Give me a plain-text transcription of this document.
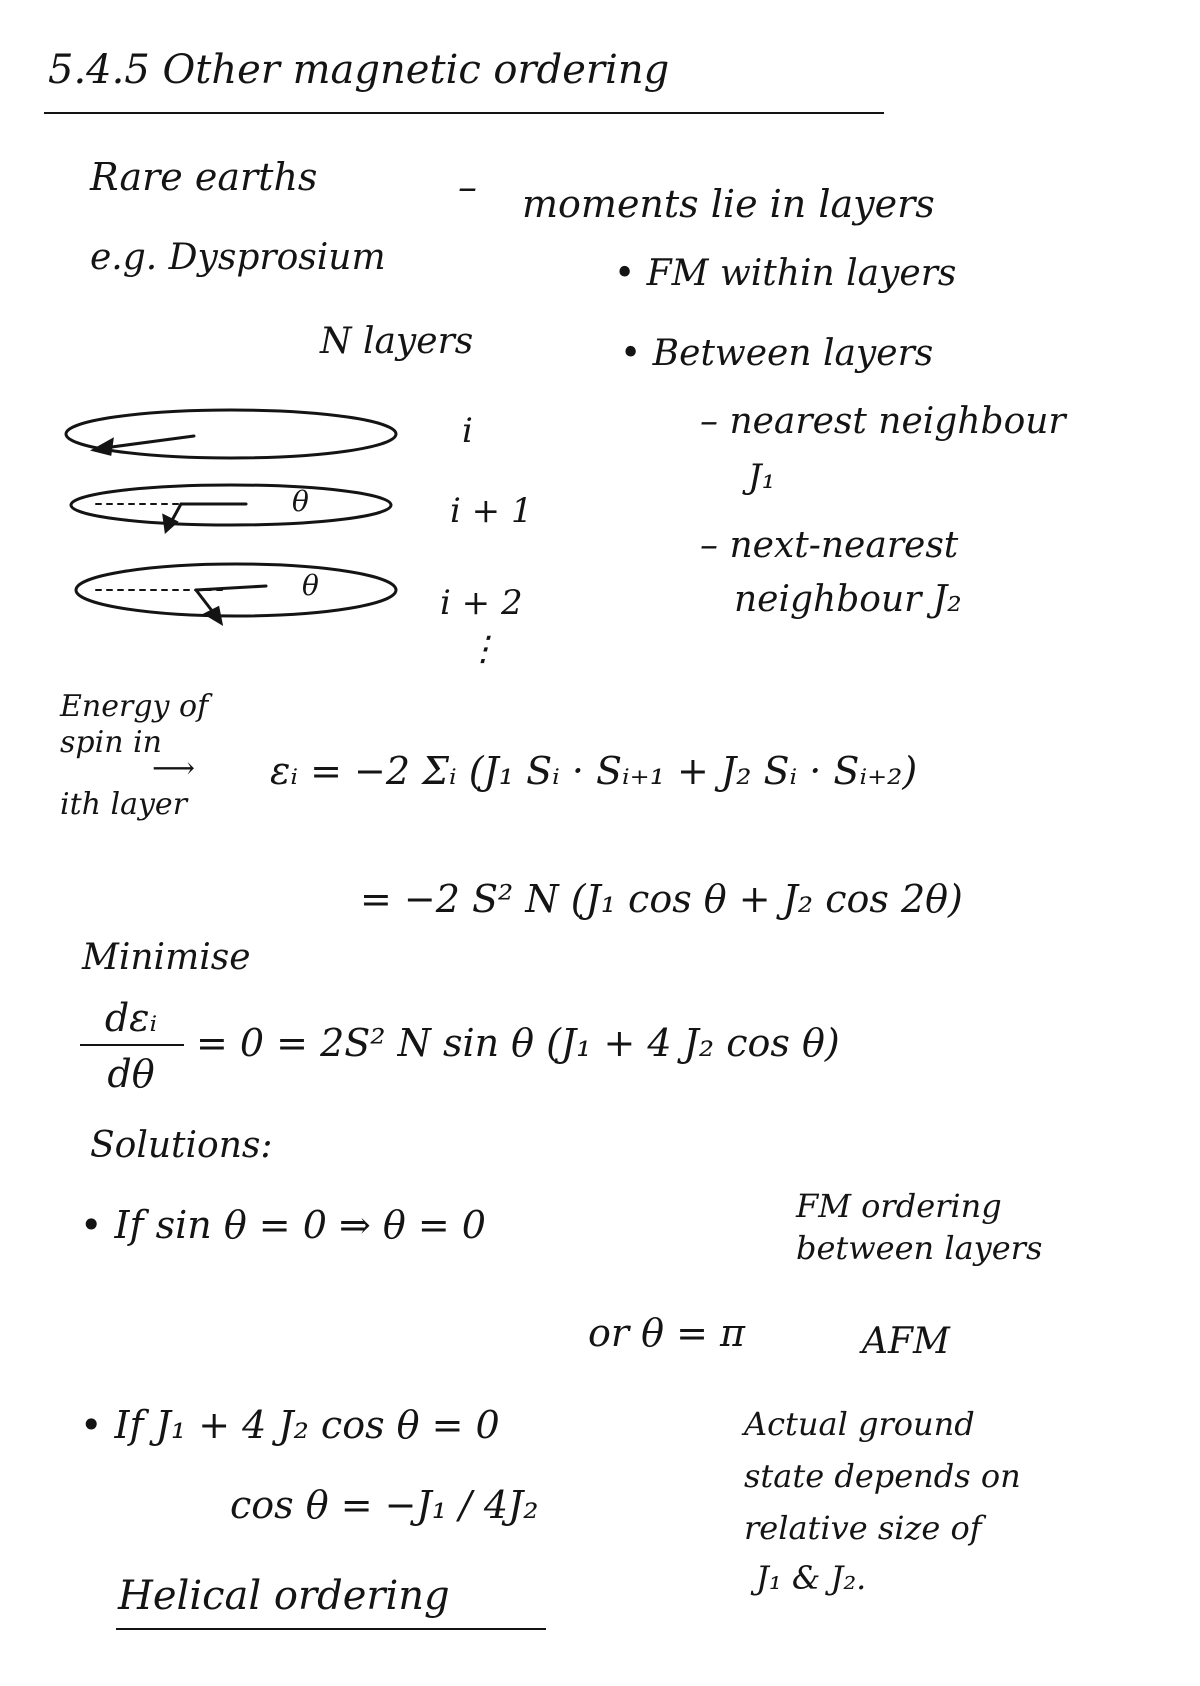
5.4.5 Other magnetic ordering
Rare earths	– moments lie in layers
e.g. Dysprosium	• FM within layers
N layers	• Between layers
– nearest neighbour
J₁
– next-nearest
neighbour J₂
θ
θ
i
i + 1
i + 2
⋮
Energy of
spin in
⟶
ith layer
εᵢ = −2 Σᵢ (J₁ Sᵢ · Sᵢ₊₁ + J₂ Sᵢ · Sᵢ₊₂)
= −2 S² N (J₁ cos θ + J₂ cos 2θ)
Minimise
dεᵢ
dθ
= 0 = 2S² N sin θ (J₁ + 4 J₂ cos θ)
Solutions:
• If sin θ = 0 ⇒ θ = 0	FM ordering
between layers
or θ = π	AFM
• If J₁ + 4 J₂ cos θ = 0
cos θ = −J₁ / 4J₂
Actual ground
state depends on
relative size of
J₁ & J₂.
Helical ordering
